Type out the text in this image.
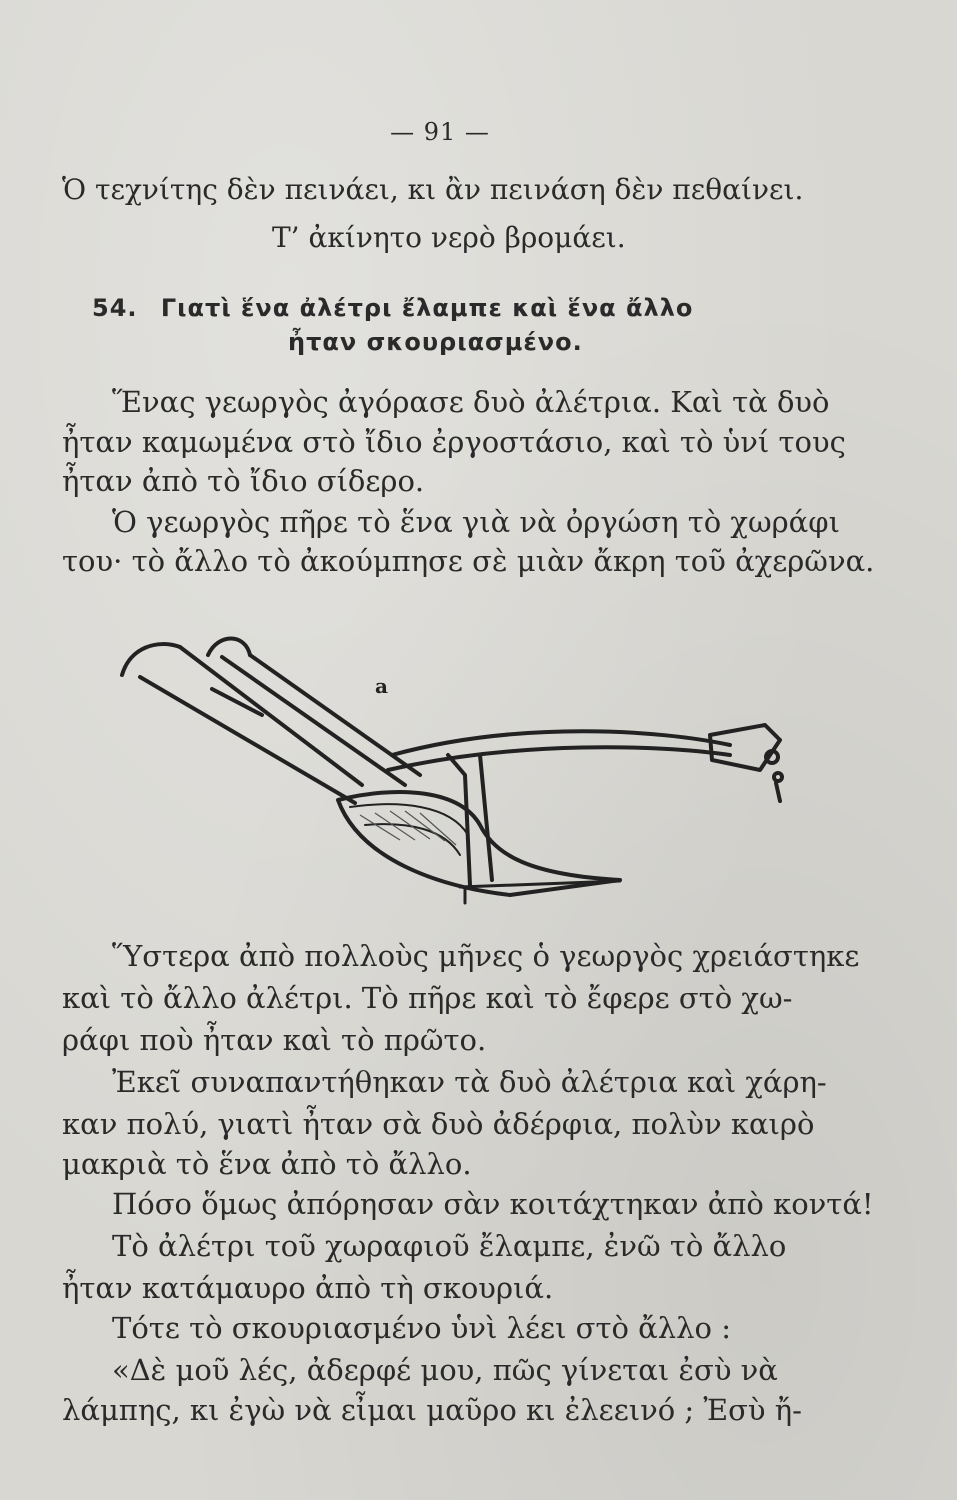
— 91 —
Ὁ τεχνίτης δὲν πεινάει, κι ἂν πεινάση δὲν πεθαίνει.
Τ’ ἀκίνητο νερὸ βρομάει.
54. Γιατὶ ἕνα ἀλέτρι ἔλαμπε καὶ ἕνα ἄλλο
ἦταν σκουριασμένο.
Ἕνας γεωργὸς ἀγόρασε δυὸ ἀλέτρια. Καὶ τὰ δυὸ
ἦταν καμωμένα στὸ ἴδιο ἐργοστάσιο, καὶ τὸ ὑνί τους
ἦταν ἀπὸ τὸ ἴδιο σίδερο.
Ὁ γεωργὸς πῆρε τὸ ἕνα γιὰ νὰ ὀργώση τὸ χωράφι
του· τὸ ἄλλο τὸ ἀκούμπησε σὲ μιὰν ἄκρη τοῦ ἀχερῶνα.
a
Ὕστερα ἀπὸ πολλοὺς μῆνες ὁ γεωργὸς χρειάστηκε
καὶ τὸ ἄλλο ἀλέτρι. Τὸ πῆρε καὶ τὸ ἔφερε στὸ χω-
ράφι ποὺ ἦταν καὶ τὸ πρῶτο.
Ἐκεῖ συναπαντήθηκαν τὰ δυὸ ἀλέτρια καὶ χάρη-
καν πολύ, γιατὶ ἦταν σὰ δυὸ ἀδέρφια, πολὺν καιρὸ
μακριὰ τὸ ἕνα ἀπὸ τὸ ἄλλο.
Πόσο ὅμως ἀπόρησαν σὰν κοιτάχτηκαν ἀπὸ κοντά!
Τὸ ἀλέτρι τοῦ χωραφιοῦ ἔλαμπε, ἐνῶ τὸ ἄλλο
ἦταν κατάμαυρο ἀπὸ τὴ σκουριά.
Τότε τὸ σκουριασμένο ὑνὶ λέει στὸ ἄλλο :
«Δὲ μοῦ λές, ἀδερφέ μου, πῶς γίνεται ἐσὺ νὰ
λάμπης, κι ἐγὼ νὰ εἶμαι μαῦρο κι ἐλεεινό ; Ἐσὺ ἤ-
